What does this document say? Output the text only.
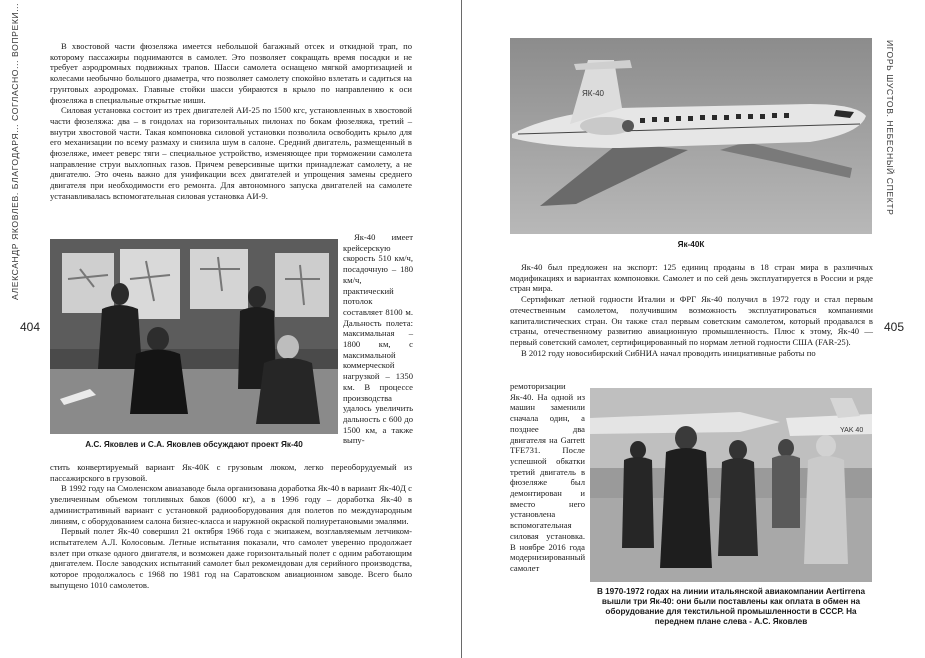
АЛЕКСАНДР ЯКОВЛЕВ. БЛАГОДАРЯ... СОГЛАСНО... ВОПРЕКИ...
404

В хвостовой части фюзеляжа имеется небольшой багажный отсек и откидной трап, по которому пассажиры поднимаются в самолет. Это позволяет сокращать время посадки и не требует аэродромных подвижных трапов. Шасси самолета оснащено мягкой амортизацией и колесами необычно большого диаметра, что позволяет самолету спокойно взлетать и садиться на грунтовых аэродромах. Главные стойки шасси убираются в крыло по направлению к оси фюзеляжа в специальные открытые ниши.

Силовая установка состоит из трех двигателей АИ-25 по 1500 кгс, установленных в хвостовой части фюзеляжа: два – в гондолах на горизонтальных пилонах по бокам фюзеляжа, третий – внутри хвостовой части. Такая компоновка силовой установки позволила освободить крыло для его механизации по всему размаху и снизила шум в салоне. Средний двигатель, размещенный в фюзеляже, имеет реверс тяги – специальное устройство, изменяющее при торможении самолета направление струи выхлопных газов. Причем реверсивные щитки принадлежат самолету, а не двигателю. Это очень важно для унификации всех двигателей и упрощения замены среднего двигателя при необходимости его ремонта. Для автономного запуска двигателей на самолете устанавливалась вспомогательная силовая установка АИ-9.

А.С. Яковлев и С.А. Яковлев обсуждают проект Як-40

Як-40 имеет крейсерскую скорость 510 км/ч, посадочную – 180 км/ч, практический потолок составляет 8100 м. Дальность полета: максимальная – 1800 км, с максимальной коммерческой нагрузкой – 1350 км. В процессе производства удалось увеличить дальность с 600 до 1500 км, а также выпу-

стить конвертируемый вариант Як-40К с грузовым люком, легко переоборудуемый из пассажирского в грузовой.

В 1992 году на Смоленском авиазаводе была организована доработка Як-40 в вариант Як-40Д с увеличенным объемом топливных баков (6000 кг), а в 1996 году – доработка Як-40 в административный вариант с установкой радиооборудования для полетов по международным линиям, с оборудованием салона бизнес-класса и наружной окраской полиуретановыми эмалями.

Первый полет Як-40 совершил 21 октября 1966 года с экипажем, возглавляемым летчиком-испытателем А.Л. Колосовым. Летные испытания показали, что самолет уверенно продолжает взлет при отказе одного двигателя, и возможен даже горизонтальный полет с одним работающим двигателем. После заводских испытаний самолет был рекомендован для серийного производства, которое продолжалось с 1968 по 1981 год на Саратовском авиационном заводе. Всего было выпущено 1010 самолетов.

ЯК-40

Як-40К

Як-40 был предложен на экспорт: 125 единиц проданы в 18 стран мира в различных модификациях и вариантах компоновки. Самолет и по сей день эксплуатируется в России и ряде стран мира.

Сертификат летной годности Италии и ФРГ Як-40 получил в 1972 году и стал первым отечественным самолетом, получившим возможность эксплуатироваться компаниями капиталистических стран. Он также стал первым советским самолетом, который продавался в страны, отечественному развитию авиационную промышленность. Плюс к этому, Як-40 — первый советский самолет, сертифицированный по нормам летной годности США (FAR-25).

В 2012 году новосибирский СибНИА начал проводить инициативные работы по

ремоторизации Як-40. На одной из машин заменили сначала один, а позднее два двигателя на Garrett TFE731. После успешной обкатки третий двигатель в фюзеляже был демонтирован и вместо него установлена вспомогательная силовая установка. В ноябре 2016 года модернизированный самолет

YAK 40

В 1970-1972 годах на линии итальянской авиакомпании Aertirrena вышли три Як-40: они были поставлены как оплата в обмен на оборудование для текстильной промышленности в СССР. На переднем плане слева - А.С. Яковлев

405
ИГОРЬ ШУСТОВ. НЕБЕСНЫЙ СПЕКТР
